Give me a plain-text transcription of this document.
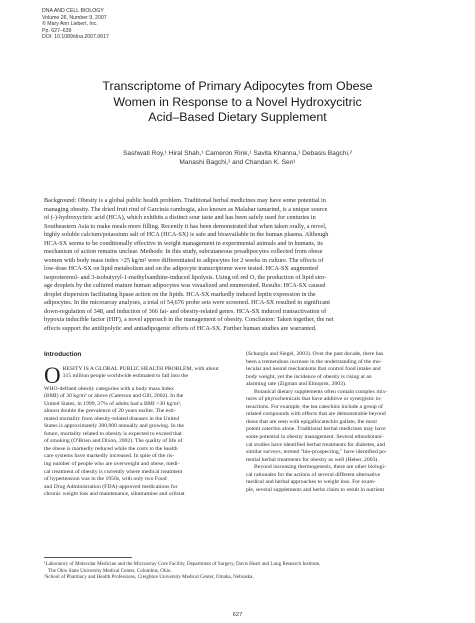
DNA AND CELL BIOLOGY
Volume 26, Number 9, 2007
© Mary Ann Liebert, Inc.
Pp. 627–639
DOI: 10.1089/dna.2007.0617
Transcriptome of Primary Adipocytes from Obese
Women in Response to a Novel Hydroxycitric
Acid–Based Dietary Supplement
Sashwati Roy,¹ Hiral Shah,¹ Cameron Rink,¹ Savita Khanna,¹ Debasis Bagchi,²
Manashi Bagchi,² and Chandan K. Sen¹
Background: Obesity is a global public health problem. Traditional herbal medicines may have some potential in
managing obesity. The dried fruit rind of Garcinia cambogia, also known as Malabar tamarind, is a unique source
of (-)-hydroxycitric acid (HCA), which exhibits a distinct sour taste and has been safely used for centuries in
Southeastern Asia to make meals more filling. Recently it has been demonstrated that when taken orally, a novel,
highly soluble calcium/potassium salt of HCA (HCA-SX) is safe and bioavailable in the human plasma. Although
HCA-SX seems to be conditionally effective in weight management in experimental animals and in humans, its
mechanism of action remains unclear. Methods: In this study, subcutaneous preadipocytes collected from obese
women with body mass index >25 kg/m² were differentiated to adipocytes for 2 weeks in culture. The effects of
low-dose HCA-SX on lipid metabolism and on the adipocyte transcriptome were tested. HCA-SX augmented
isoproterenol- and 3-isobutyryl-1-methylxanthine-induced lipolysis. Using oil red O, the production of lipid stor-
age droplets by the cultured mature human adipocytes was visualized and enumerated. Results: HCA-SX caused
droplet dispersion facilitating lipase action on the lipids. HCA-SX markedly induced leptin expression in the
adipocytes. In the microarray analyses, a total of 54,676 probe sets were screened. HCA-SX resulted in significant
down-regulation of 348, and induction of 366 fat- and obesity-related genes. HCA-SX induced transactivation of
hypoxia inducible factor (HIF), a novel approach in the management of obesity. Conclusion: Taken together, the net
effects support the antilipolytic and antiadipogenic efforts of HCA-SX. Further human studies are warranted.
Introduction
O BESITY IS A GLOBAL PUBLIC HEALTH PROBLEM, with about
315 million people worldwide estimated to fall into the
WHO-defined obesity categories with a body mass index
(BMI) of 30 kg/m² or above (Caterson and Gill, 2002). In the
United States, in 1999, 27% of adults had a BMI >30 kg/m²,
almost double the prevalence of 20 years earlier. The esti-
mated mortality from obesity-related diseases in the United
States is approximately 300,000 annually and growing. In the
future, mortality related to obesity is expected to exceed that
of smoking (O'Brien and Dixon, 2002). The quality of life of
the obese is markedly reduced while the costs to the health
care systems have markedly increased. In spite of the ris-
ing number of people who are overweight and obese, medi-
cal treatment of obesity is currently where medical treatment
of hypertension was in the 1950s, with only two Food
and Drug Administration (FDA)-approved medications for
chronic weight loss and maintenance, sibutramine and orlistat
(Schurgin and Siegel, 2003). Over the past decade, there has
been a tremendous increase in the understanding of the mo-
lecular and neural mechanisms that control food intake and
body weight, yet the incidence of obesity is rising at an
alarming rate (Zigman and Elmquist, 2003).
Botanical dietary supplements often contain complex mix-
tures of phytochemicals that have additive or synergistic in-
teractions. For example, the tea catechins include a group of
related compounds with effects that are demonstrable beyond
those that are seen with epigallocatechin gallate, the most
potent catechin alone. Traditional herbal medicines may have
some potential in obesity management. Several ethnobotani-
cal studies have identified herbal treatments for diabetes, and
similar surveys, termed "bio-prospecting," have identified po-
tential herbal treatments for obesity as well (Heber, 2003).
Beyond increasing thermogenesis, there are other biologi-
cal rationales for the actions of several different alternative
medical and herbal approaches to weight loss. For exam-
ple, several supplements and herbs claim to result in nutrient
¹Laboratory of Molecular Medicine and the Microarray Core Facility, Department of Surgery, Davis Heart and Lung Research Institute,
The Ohio State University Medical Center, Columbus, Ohio.
²School of Pharmacy and Health Professions, Creighton University Medical Center, Omaha, Nebraska.
627
